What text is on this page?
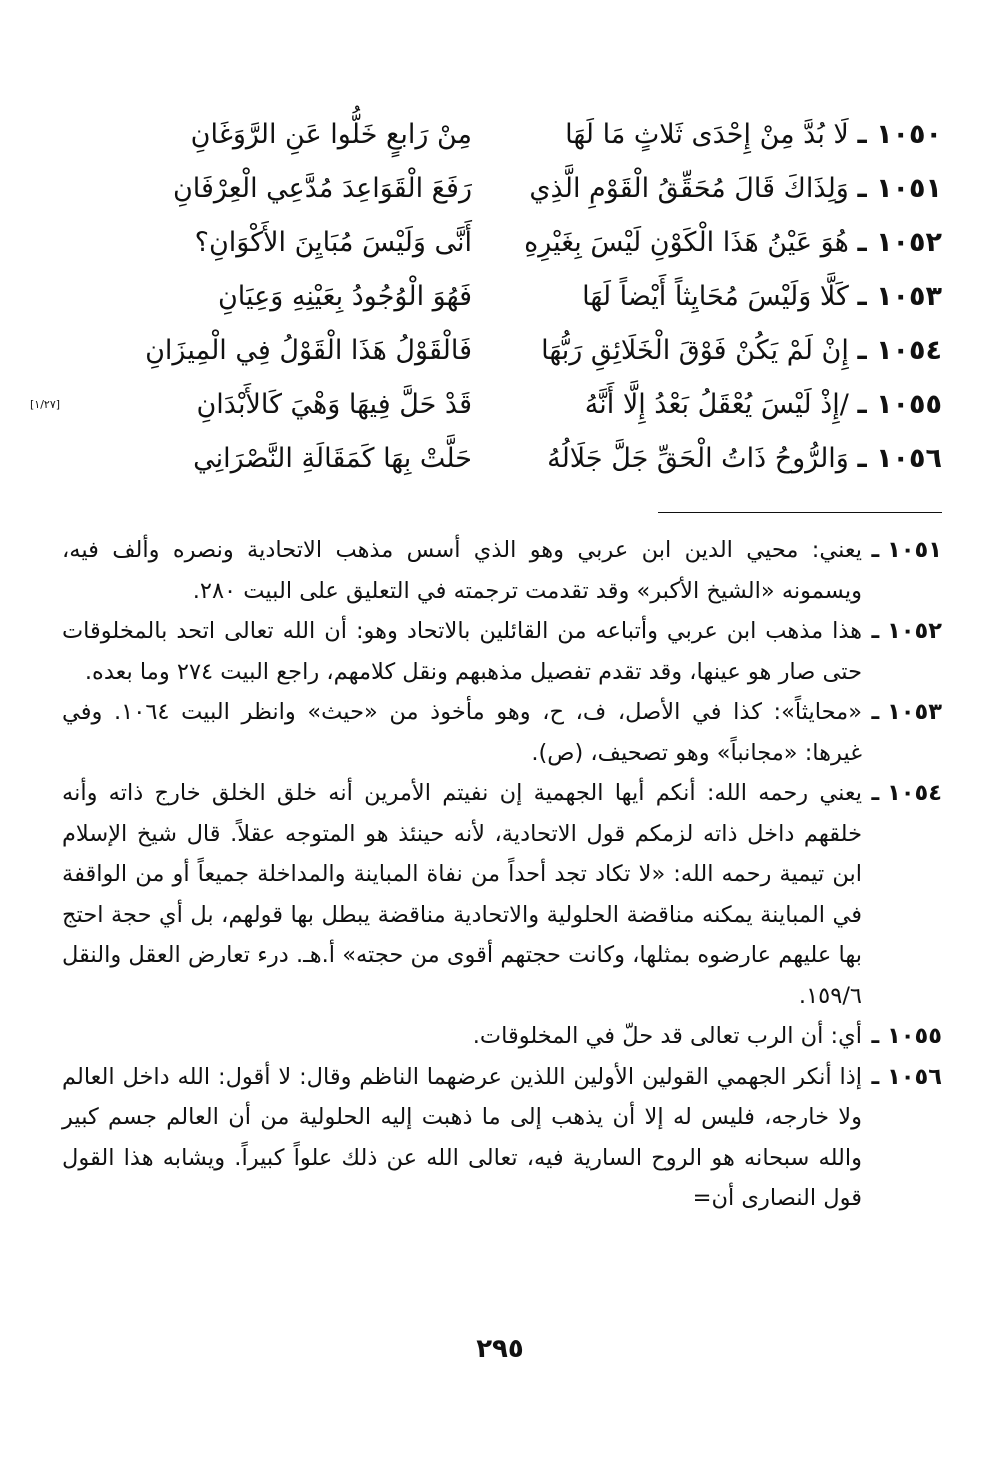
١٠٥٠ ـ لَا بُدَّ مِنْ إِحْدَى ثَلاثٍ مَا لَهَا
مِنْ رَابعٍ خَلُّوا عَنِ الرَّوَغَانِ
١٠٥١ ـ وَلِذَاكَ قَالَ مُحَقِّقُ الْقَوْمِ الَّذِي
رَفَعَ الْقَوَاعِدَ مُدَّعِي الْعِرْفَانِ
١٠٥٢ ـ هُوَ عَيْنُ هَذَا الْكَوْنِ لَيْسَ بِغَيْرِهِ
أَنَّى وَلَيْسَ مُبَايِنَ الأَكْوَانِ؟
١٠٥٣ ـ كَلَّا وَلَيْسَ مُحَايِثاً أَيْضاً لَهَا
فَهُوَ الْوُجُودُ بِعَيْنِهِ وَعِيَانِ
١٠٥٤ ـ إِنْ لَمْ يَكُنْ فَوْقَ الْخَلَائِقِ رَبُّهَا
فَالْقَوْلُ هَذَا الْقَوْلُ فِي الْمِيزَانِ
١٠٥٥ ـ /إِذْ لَيْسَ يُعْقَلُ بَعْدُ إِلَّا أَنَّهُ
قَدْ حَلَّ فِيهَا وَهْيَ كَالأَبْدَانِ
[١/٢٧]
١٠٥٦ ـ وَالرُّوحُ ذَاتُ الْحَقِّ جَلَّ جَلَالُهُ
حَلَّتْ بِهَا كَمَقَالَةِ النَّصْرَانِي
١٠٥١ ـ
يعني: محيي الدين ابن عربي وهو الذي أسس مذهب الاتحادية ونصره وألف فيه، ويسمونه «الشيخ الأكبر» وقد تقدمت ترجمته في التعليق على البيت ٢٨٠.
١٠٥٢ ـ
هذا مذهب ابن عربي وأتباعه من القائلين بالاتحاد وهو: أن الله تعالى اتحد بالمخلوقات حتى صار هو عينها، وقد تقدم تفصيل مذهبهم ونقل كلامهم، راجع البيت ٢٧٤ وما بعده.
١٠٥٣ ـ
«محايثاً»: كذا في الأصل، ف، ح، وهو مأخوذ من «حيث» وانظر البيت ١٠٦٤. وفي غيرها: «مجانباً» وهو تصحيف، (ص).
١٠٥٤ ـ
يعني رحمه الله: أنكم أيها الجهمية إن نفيتم الأمرين أنه خلق الخلق خارج ذاته وأنه خلقهم داخل ذاته لزمكم قول الاتحادية، لأنه حينئذ هو المتوجه عقلاً. قال شيخ الإسلام ابن تيمية رحمه الله: «لا تكاد تجد أحداً من نفاة المباينة والمداخلة جميعاً أو من الواقفة في المباينة يمكنه مناقضة الحلولية والاتحادية مناقضة يبطل بها قولهم، بل أي حجة احتج بها عليهم عارضوه بمثلها، وكانت حجتهم أقوى من حجته» أ.هـ. درء تعارض العقل والنقل ١٥٩/٦.
١٠٥٥ ـ
أي: أن الرب تعالى قد حلّ في المخلوقات.
١٠٥٦ ـ
إذا أنكر الجهمي القولين الأولين اللذين عرضهما الناظم وقال: لا أقول: الله داخل العالم ولا خارجه، فليس له إلا أن يذهب إلى ما ذهبت إليه الحلولية من أن العالم جسم كبير والله سبحانه هو الروح السارية فيه، تعالى الله عن ذلك علواً كبيراً. ويشابه هذا القول قول النصارى أن=
٢٩٥
